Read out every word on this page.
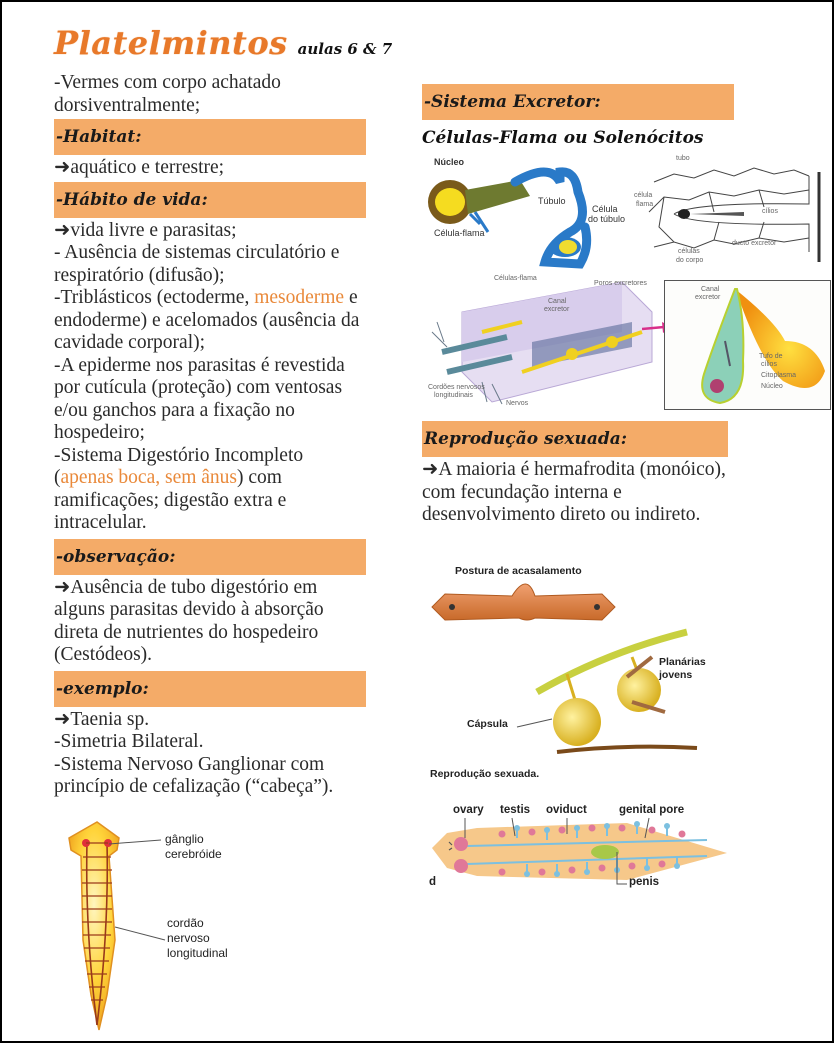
Platelmintos aulas 6 & 7

-Vermes com corpo achatado dorsiventralmente;

-Habitat:

➜aquático e terrestre;

-Hábito de vida:

➜vida livre e parasitas;

- Ausência de sistemas circulatório e respiratório (difusão);

-Triblásticos (ectoderme, mesoderme e endoderme) e acelomados (ausência da cavidade corporal);

-A epiderme nos parasitas é revestida por cutícula (proteção) com ventosas e/ou ganchos para a fixação no hospedeiro;

-Sistema Digestório Incompleto (apenas boca, sem ânus) com ramificações; digestão extra e intracelular.

-observação:

➜Ausência de tubo digestório em alguns parasitas devido à absorção direta de nutrientes do hospedeiro (Cestódeos).

-exemplo:

➜Taenia sp.

-Simetria Bilateral.

-Sistema Nervoso Ganglionar com princípio de cefalização (“cabeça”).

gânglio
cerebróide
cordão
nervoso
longitudinal
-Sistema Excretor:
Células-Flama ou Solenócitos
Núcleo
Túbulo
Célula
do túbulo
Célula-flama
tubo
célula
flama
cílios
células
do corpo
ducto excretor
Células-flama
Poros excretores
Canal
excretor
Cordões nervosos
longitudinais
Nervos
Canal
excretor
Tufo de
cílios
Citoplasma
Núcleo
Reprodução sexuada:

➜A maioria é hermafrodita (monóico), com fecundação interna e desenvolvimento direto ou indireto.

Postura de acasalamento
Planárias
jovens
Cápsula
Reprodução sexuada.
ovary testis oviduct	genital pore
penis
d
